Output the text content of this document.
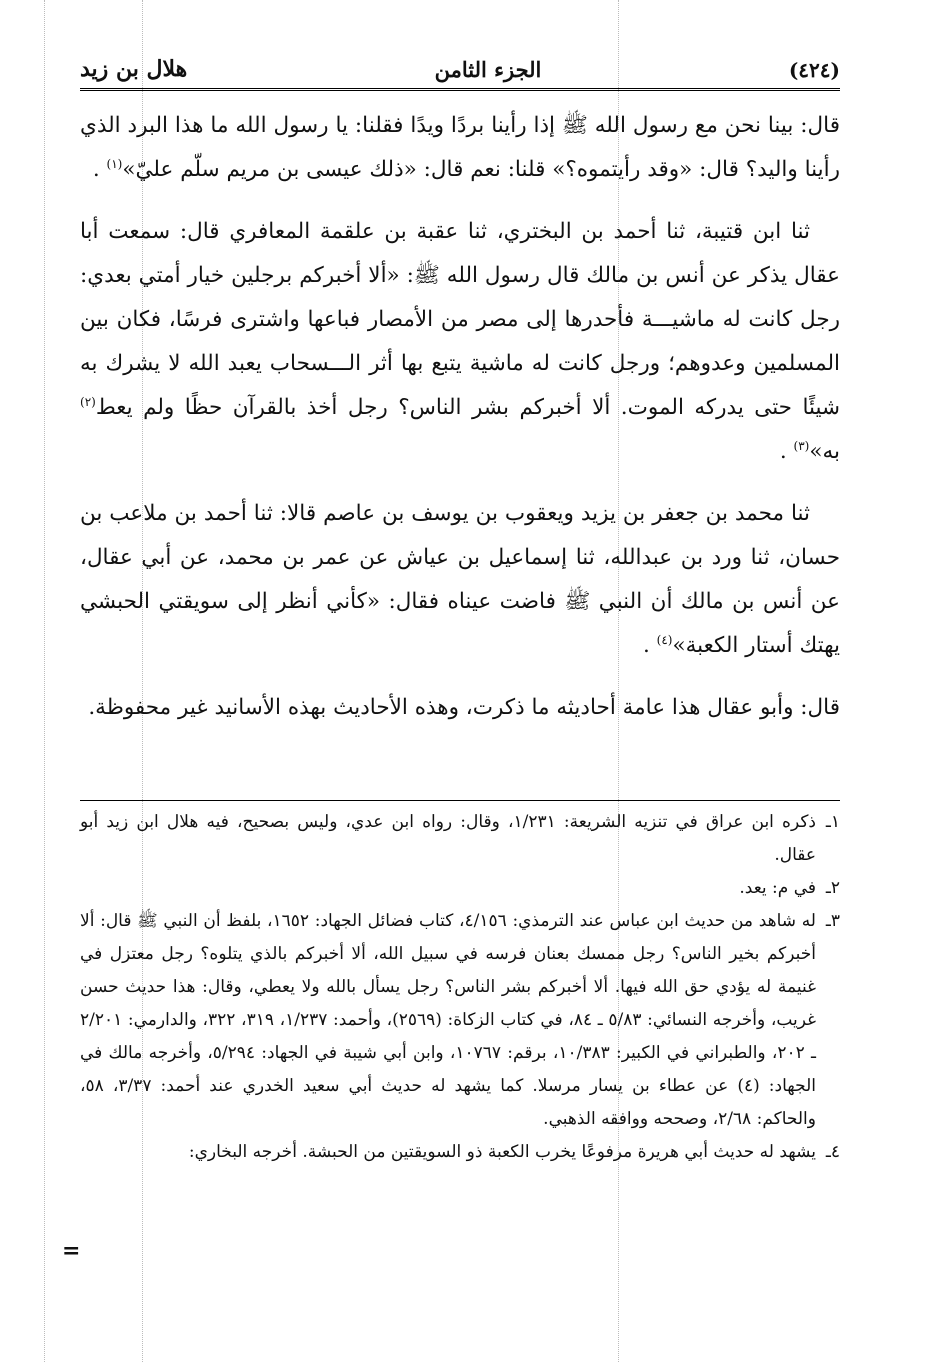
هلال بن زيد	الجزء الثامن	(٤٢٤)

قال: بينا نحن مع رسول الله ﷺ إذا رأينا بردًا ويدًا فقلنا: يا رسول الله ما هذا البرد الذي رأينا واليد؟ قال: «وقد رأيتموه؟» قلنا: نعم قال: «ذلك عيسى بن مريم سلّم عليّ»$^{(١)}$ .

ثنا ابن قتيبة، ثنا أحمد بن البختري، ثنا عقبة بن علقمة المعافري قال: سمعت أبا عقال يذكر عن أنس بن مالك قال رسول الله ﷺ: «ألا أخبركم برجلين خيار أمتي بعدي: رجل كانت له ماشيـــة فأحدرها إلى مصر من الأمصار فباعها واشترى فرسًا، فكان بين المسلمين وعدوهم؛ ورجل كانت له ماشية يتبع بها أثر الـــسحاب يعبد الله لا يشرك به شيئًا حتى يدركه الموت. ألا أخبركم بشر الناس؟ رجل أخذ بالقرآن حظًا ولم يعط$^{(٢)}$ به»$^{(٣)}$ .

ثنا محمد بن جعفر بن يزيد ويعقوب بن يوسف بن عاصم قالا: ثنا أحمد بن ملاعب بن حسان، ثنا ورد بن عبدالله، ثنا إسماعيل بن عياش عن عمر بن محمد، عن أبي عقال، عن أنس بن مالك أن النبي ﷺ فاضت عيناه فقال: «كأني أنظر إلى سويقتي الحبشي يهتك أستار الكعبة»$^{(٤)}$ .

قال: وأبو عقال هذا عامة أحاديثه ما ذكرت، وهذه الأحاديث بهذه الأسانيد غير محفوظة.

١ـ
ذكره ابن عراق في تنزيه الشريعة: ١/٢٣١، وقال: رواه ابن عدي، وليس بصحيح، فيه هلال ابن زيد أبو عقال.
٢ـ
في م: يعد.
٣ـ
له شاهد من حديث ابن عباس عند الترمذي: ٤/١٥٦، كتاب فضائل الجهاد: ١٦٥٢، بلفظ أن النبي ﷺ قال: ألا أخبركم بخير الناس؟ رجل ممسك بعنان فرسه في سبيل الله، ألا أخبركم بالذي يتلوه؟ رجل معتزل في غنيمة له يؤدي حق الله فيها. ألا أخبركم بشر الناس؟ رجل يسأل بالله ولا يعطي، وقال: هذا حديث حسن غريب، وأخرجه النسائي: ٥/٨٣ ـ ٨٤، في كتاب الزكاة: (٢٥٦٩)، وأحمد: ١/٢٣٧، ٣١٩، ٣٢٢، والدارمي: ٢/٢٠١ ـ ٢٠٢، والطبراني في الكبير: ١٠/٣٨٣، برقم: ١٠٧٦٧، وابن أبي شيبة في الجهاد: ٥/٢٩٤، وأخرجه مالك في الجهاد: (٤) عن عطاء بن يسار مرسلا. كما يشهد له حديث أبي سعيد الخدري عند أحمد: ٣/٣٧، ٥٨، والحاكم: ٢/٦٨، وصححه ووافقه الذهبي.
٤ـ
يشهد له حديث أبي هريرة مرفوعًا يخرب الكعبة ذو السويقتين من الحبشة. أخرجه البخاري:
=
